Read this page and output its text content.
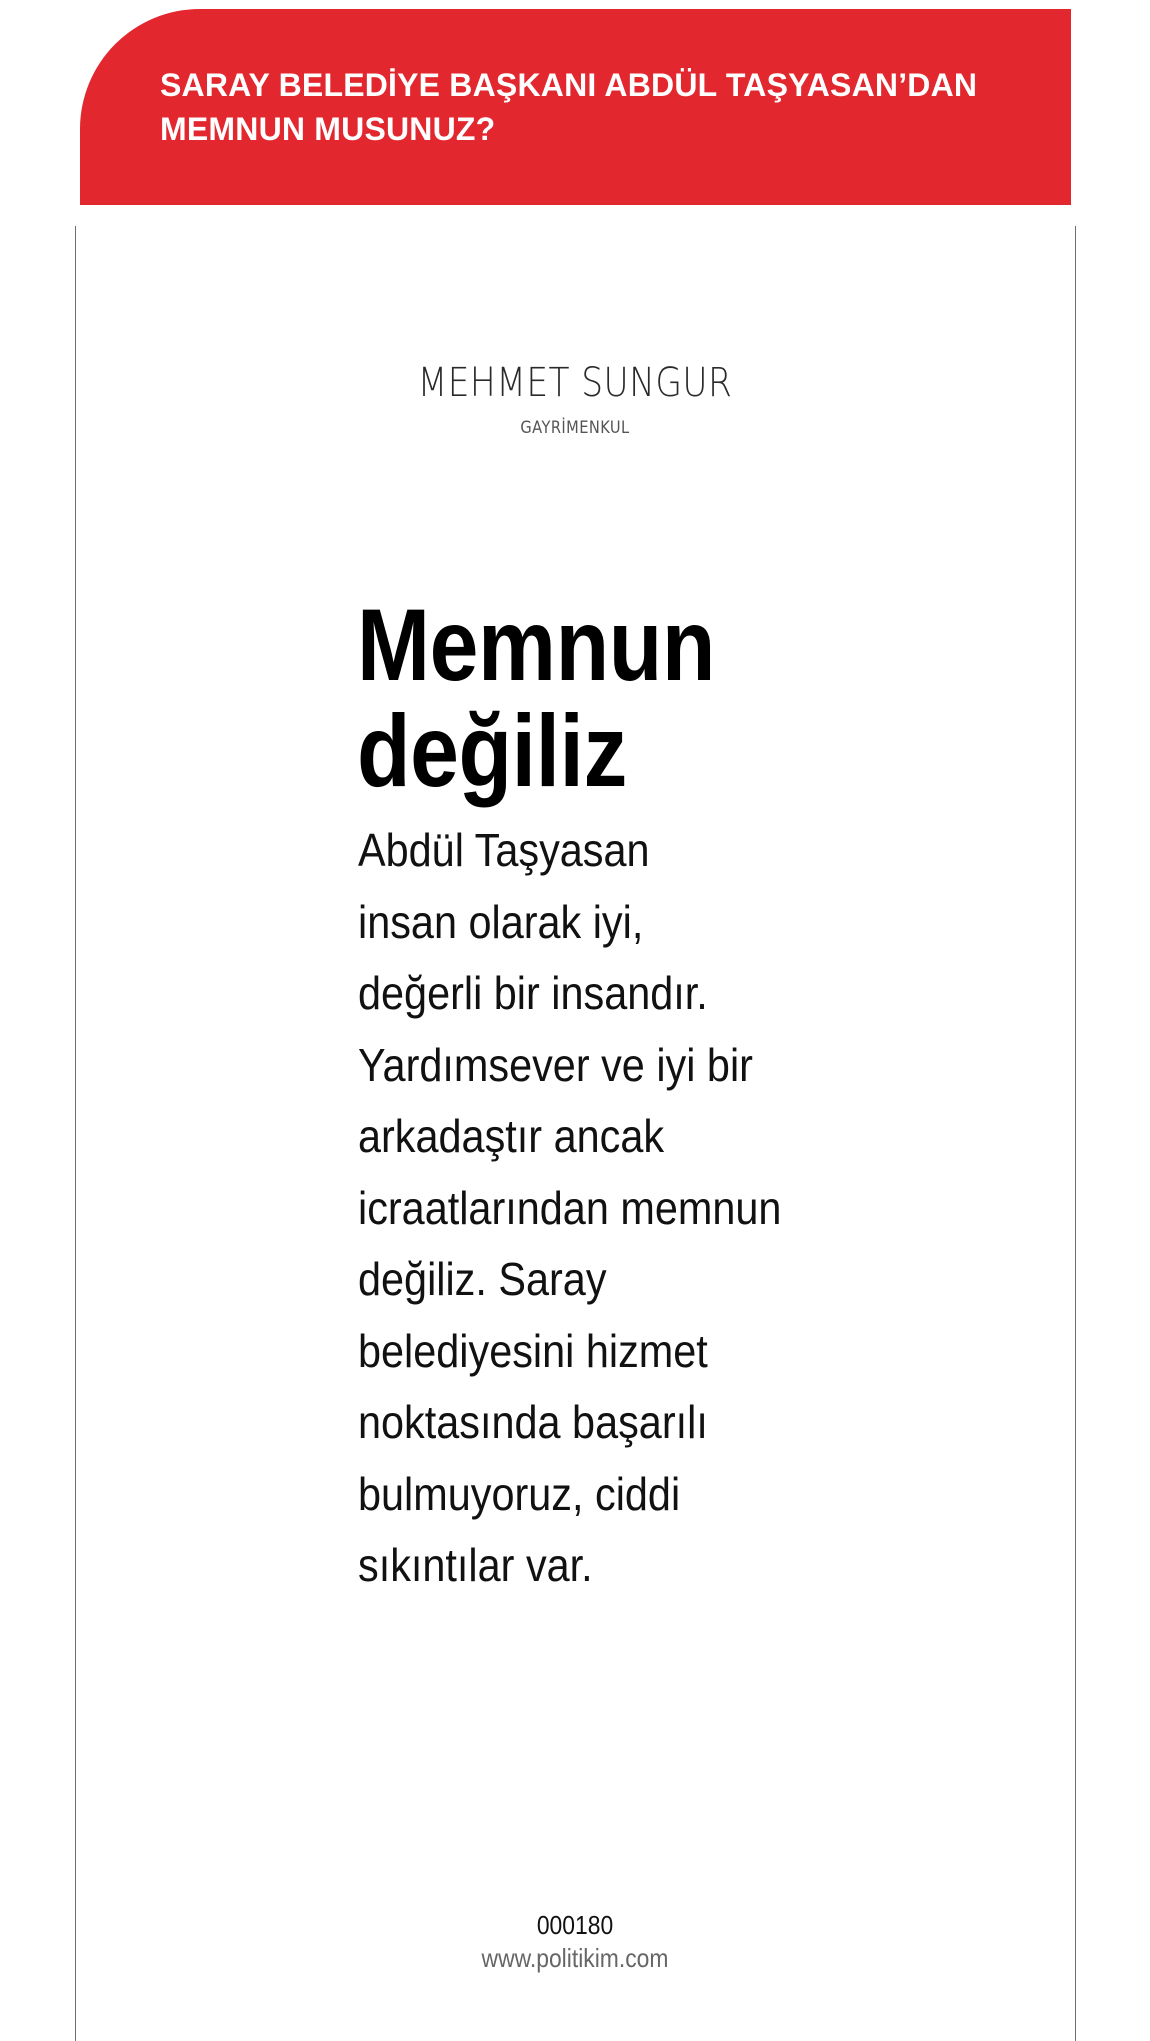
SARAY BELEDİYE BAŞKANI ABDÜL TAŞYASAN’DAN
MEMNUN MUSUNUZ?
MEHMET SUNGUR
GAYRİMENKUL
Memnun
değiliz

Abdül Taşyasan
insan olarak iyi,
değerli bir insandır.
Yardımsever ve iyi bir
arkadaştır ancak
icraatlarından memnun
değiliz. Saray
belediyesini hizmet
noktasında başarılı
bulmuyoruz, ciddi
sıkıntılar var.

000180
www.politikim.com
